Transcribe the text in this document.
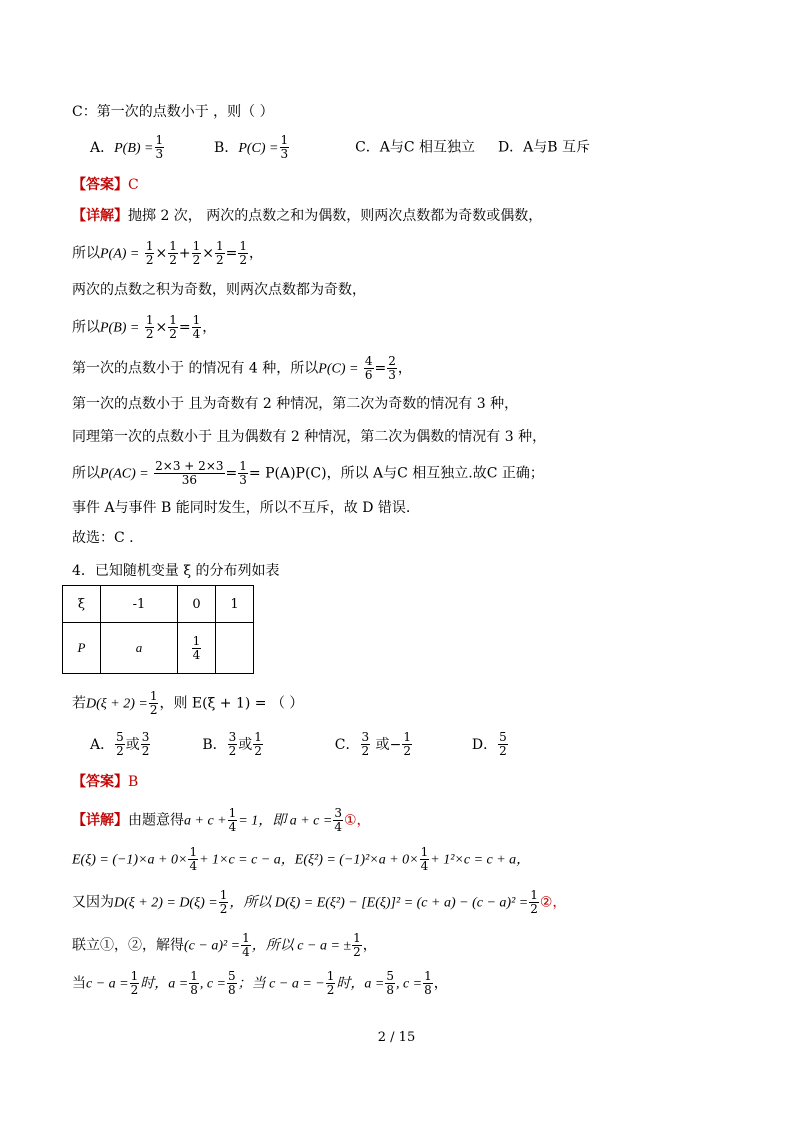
C：第一次的点数小于 ，则（ ）
A．$P(B) = \frac{1}{3}$	B．$P(C) = \frac{1}{3}$	C．A与C 相互独立 D．A与B 互斥
【答案】C
【详解】抛掷 2 次， 两次的点数之和为偶数，则两次点数都为奇数或偶数，
所以$P(A) = \frac{1}{2} \times \frac{1}{2} + \frac{1}{2} \times \frac{1}{2} = \frac{1}{2}$ ，
两次的点数之积为奇数，则两次点数都为奇数，
所以$P(B) = \frac{1}{2} \times \frac{1}{2} = \frac{1}{4}$ ，
第一次的点数小于 的情况有 4 种，所以$P(C) = \frac{4}{6} = \frac{2}{3}$ ，
第一次的点数小于 且为奇数有 2 种情况，第二次为奇数的情况有 3 种，
同理第一次的点数小于 且为偶数有 2 种情况，第二次为偶数的情况有 3 种，
所以$P(AC) = \frac{2\times 3 + 2\times 3}{36} = \frac{1}{3} = P(A)P(C)$，所以 A与C 相互独立.故C 正确；
事件 A与事件 B 能同时发生，所以不互斥，故 D 错误.
故选：C .
4．已知随机变量 ξ 的分布列如表
ξ	-1	0	1
P	a	$\frac{1}{4}$

若$D(\xi + 2) = \frac{1}{2}$ ，则 E(ξ + 1) = （ ）
A． $\frac{5}{2}$ 或 $\frac{3}{2}$	B． $\frac{3}{2}$ 或 $\frac{1}{2}$	C． $\frac{3}{2}$ 或− $\frac{1}{2}$	D． $\frac{5}{2}$
【答案】B
【详解】由题意得$a + c + \frac{1}{4} = 1$，即 $a + c = \frac{3}{4}$ ①，
$E(\xi) = (-1)\times a + 0\times \frac{1}{4} + 1\times c = c - a$，$E(\xi^2) = (-1)^2\times a + 0\times \frac{1}{4} + 1^2\times c = c + a$，
又因为$D(\xi + 2) = D(\xi) = \frac{1}{2}$ ，所以 $D(\xi) = E(\xi^2) - [E(\xi)]^2 = (c + a) - (c - a)^2 = \frac{1}{2}$ ②，
联立①，②，解得$(c - a)^2 = \frac{1}{4}$ ，所以 c − a = ± $\frac{1}{2}$ ，
当$c - a = \frac{1}{2}$ 时，$a = \frac{1}{8}$ , $c = \frac{5}{8}$ ；当 c − a = − $\frac{1}{2}$ 时，$a = \frac{5}{8}$ , $c = \frac{1}{8}$ ，
2 / 15
